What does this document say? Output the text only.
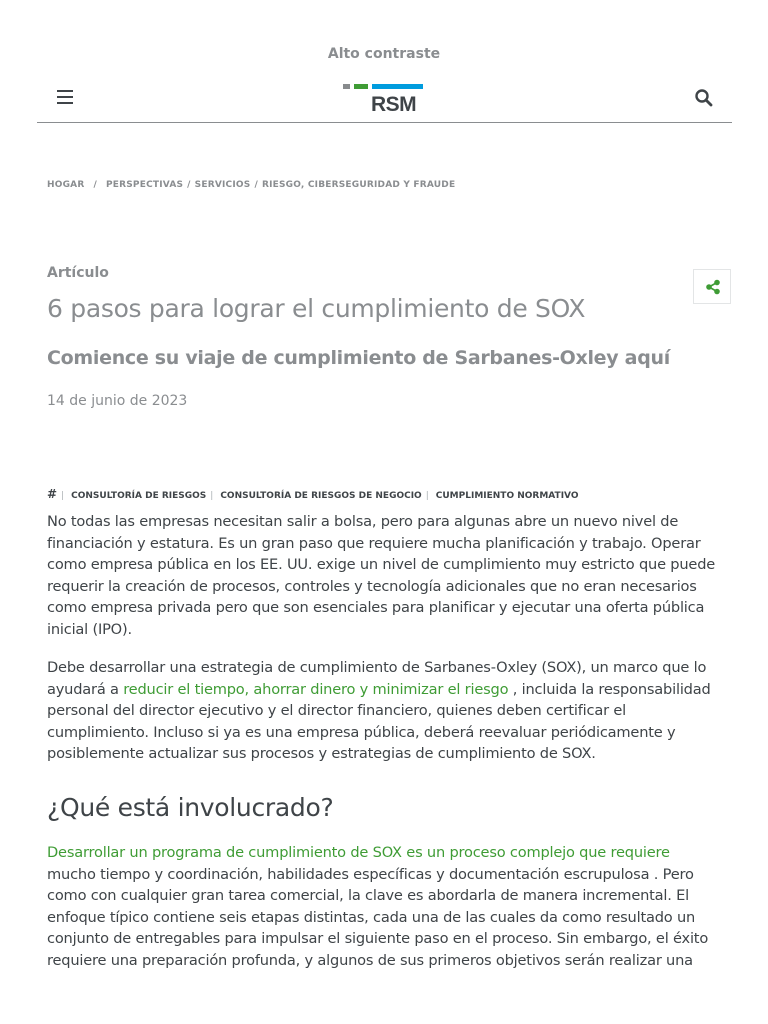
Alto contraste
RSM
HOGAR / PERSPECTIVAS / SERVICIOS / RIESGO, CIBERSEGURIDAD Y FRAUDE
Artículo
6 pasos para lograr el cumplimiento de SOX
Comience su viaje de cumplimiento de Sarbanes-Oxley aquí
14 de junio de 2023
# | CONSULTORÍA DE RIESGOS | CONSULTORÍA DE RIESGOS DE NEGOCIO | CUMPLIMIENTO NORMATIVO

No todas las empresas necesitan salir a bolsa, pero para algunas abre un nuevo nivel de financiación y estatura. Es un gran paso que requiere mucha planificación y trabajo. Operar como empresa pública en los EE. UU. exige un nivel de cumplimiento muy estricto que puede requerir la creación de procesos, controles y tecnología adicionales que no eran necesarios como empresa privada pero que son esenciales para planificar y ejecutar una oferta pública inicial (IPO).

Debe desarrollar una estrategia de cumplimiento de Sarbanes-Oxley (SOX), un marco que lo ayudará a reducir el tiempo, ahorrar dinero y minimizar el riesgo , incluida la responsabilidad personal del director ejecutivo y el director financiero, quienes deben certificar el cumplimiento. Incluso si ya es una empresa pública, deberá reevaluar periódicamente y posiblemente actualizar sus procesos y estrategias de cumplimiento de SOX.

¿Qué está involucrado?

Desarrollar un programa de cumplimiento de SOX es un proceso complejo que requiere mucho tiempo y coordinación, habilidades específicas y documentación escrupulosa . Pero como con cualquier gran tarea comercial, la clave es abordarla de manera incremental. El enfoque típico contiene seis etapas distintas, cada una de las cuales da como resultado un conjunto de entregables para impulsar el siguiente paso en el proceso. Sin embargo, el éxito requiere una preparación profunda, y algunos de sus primeros objetivos serán realizar una
